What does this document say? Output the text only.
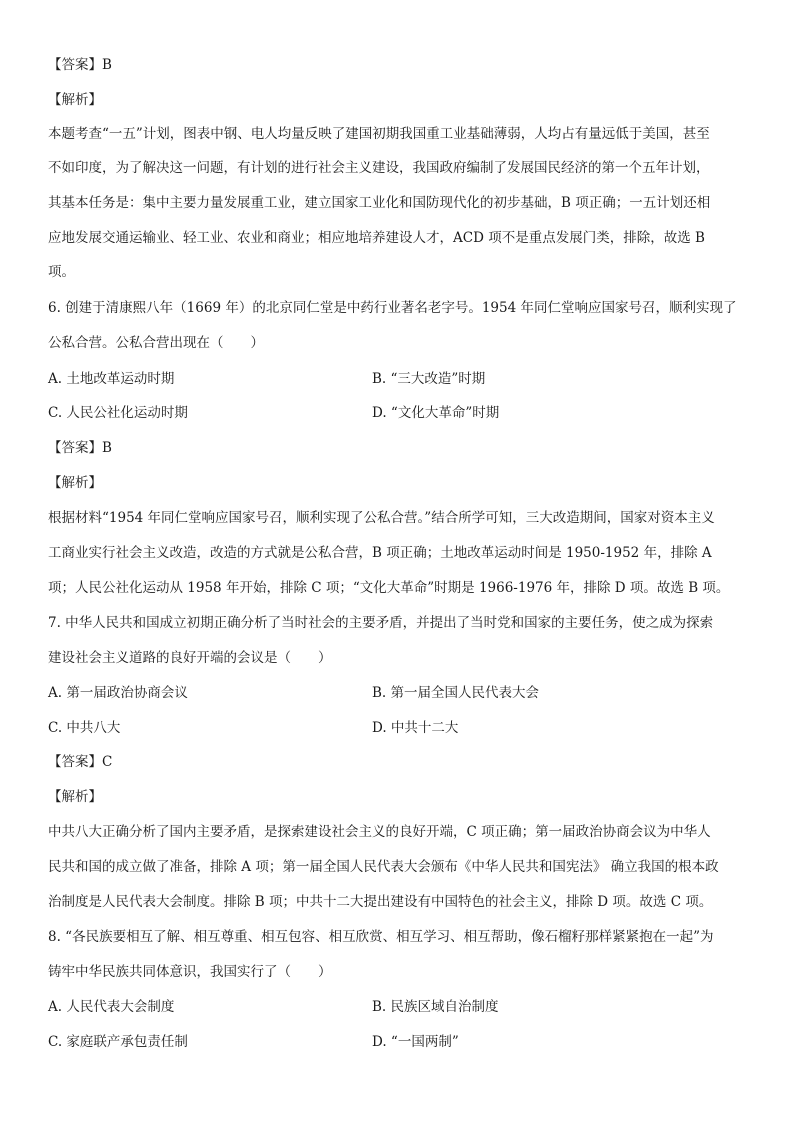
【答案】B
【解析】
本题考查“一五”计划，图表中钢、电人均量反映了建国初期我国重工业基础薄弱，人均占有量远低于美国，甚至
不如印度，为了解决这一问题，有计划的进行社会主义建设，我国政府编制了发展国民经济的第一个五年计划，
其基本任务是：集中主要力量发展重工业，建立国家工业化和国防现代化的初步基础，B 项正确；一五计划还相
应地发展交通运输业、轻工业、农业和商业；相应地培养建设人才，ACD 项不是重点发展门类，排除，故选 B
项。
6. 创建于清康熙八年（1669 年）的北京同仁堂是中药行业著名老字号。1954 年同仁堂响应国家号召，顺利实现了
公私合营。公私合营出现在（　　）
A. 土地改革运动时期	B. “三大改造”时期
C. 人民公社化运动时期	D. “文化大革命”时期
【答案】B
【解析】
根据材料“1954 年同仁堂响应国家号召，顺利实现了公私合营。”结合所学可知，三大改造期间，国家对资本主义
工商业实行社会主义改造，改造的方式就是公私合营，B 项正确；土地改革运动时间是 1950-1952 年，排除 A
项；人民公社化运动从 1958 年开始，排除 C 项；“文化大革命”时期是 1966-1976 年，排除 D 项。故选 B 项。
7. 中华人民共和国成立初期正确分析了当时社会的主要矛盾，并提出了当时党和国家的主要任务，使之成为探索
建设社会主义道路的良好开端的会议是（　　）
A. 第一届政治协商会议	B. 第一届全国人民代表大会
C. 中共八大	D. 中共十二大
【答案】C
【解析】
中共八大正确分析了国内主要矛盾，是探索建设社会主义的良好开端，C 项正确；第一届政治协商会议为中华人
民共和国的成立做了准备，排除 A 项；第一届全国人民代表大会颁布《中华人民共和国宪法》 确立我国的根本政
治制度是人民代表大会制度。排除 B 项；中共十二大提出建设有中国特色的社会主义，排除 D 项。故选 C 项。
8. “各民族要相互了解、相互尊重、相互包容、相互欣赏、相互学习、相互帮助，像石榴籽那样紧紧抱在一起”为
铸牢中华民族共同体意识，我国实行了（　　）
A. 人民代表大会制度	B. 民族区域自治制度
C. 家庭联产承包责任制	D. “一国两制”
